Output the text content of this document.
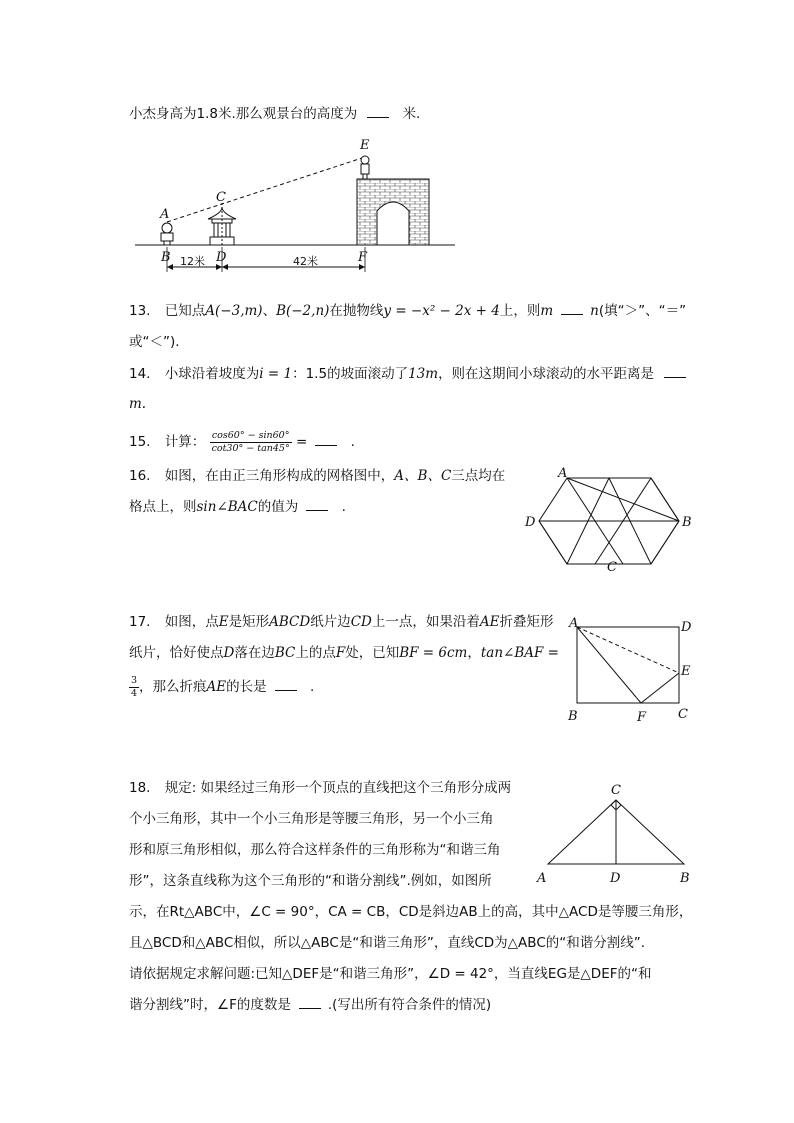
小杰身高为1.8米.那么观景台的高度为	米.
A
B
C
D
E
F
12米	42米
13. 已知点A(−3,m)、B(−2,n)在抛物线y = −x² − 2x + 4上，则m	n(填“＞”、“＝”
或“＜”).
14. 小球沿着坡度为i = 1：1.5的坡面滚动了13m，则在这期间小球滚动的水平距离是
m.
15. 计算： $\frac{\cos 60^\circ - \sin 60^\circ}{\cot 30^\circ - \tan 45^\circ}$ =	.
16. 如图，在由正三角形构成的网格图中，A、B、C三点均在
格点上，则sin∠BAC的值为	.
A
B
C
D
17. 如图，点E是矩形ABCD纸片边CD上一点，如果沿着AE折叠矩形
纸片，恰好使点D落在边BC上的点F处，已知BF = 6cm，tan∠BAF =
$\frac{3}{4}$ ，那么折痕AE的长是	.
A	D
E
B	F C
18. 规定: 如果经过三角形一个顶点的直线把这个三角形分成两
个小三角形，其中一个小三角形是等腰三角形，另一个小三角
形和原三角形相似，那么符合这样条件的三角形称为“和谐三角
形”，这条直线称为这个三角形的“和谐分割线”.例如，如图所
示，在Rt△ABC中，∠C = 90°，CA = CB，CD是斜边AB上的高，其中△ACD是等腰三角形，
且△BCD和△ABC相似，所以△ABC是“和谐三角形”，直线CD为△ABC的“和谐分割线”.
请依据规定求解问题:已知△DEF是“和谐三角形”，∠D = 42°，当直线EG是△DEF的“和
谐分割线”时，∠F的度数是	.(写出所有符合条件的情况)
C
A	D	B
